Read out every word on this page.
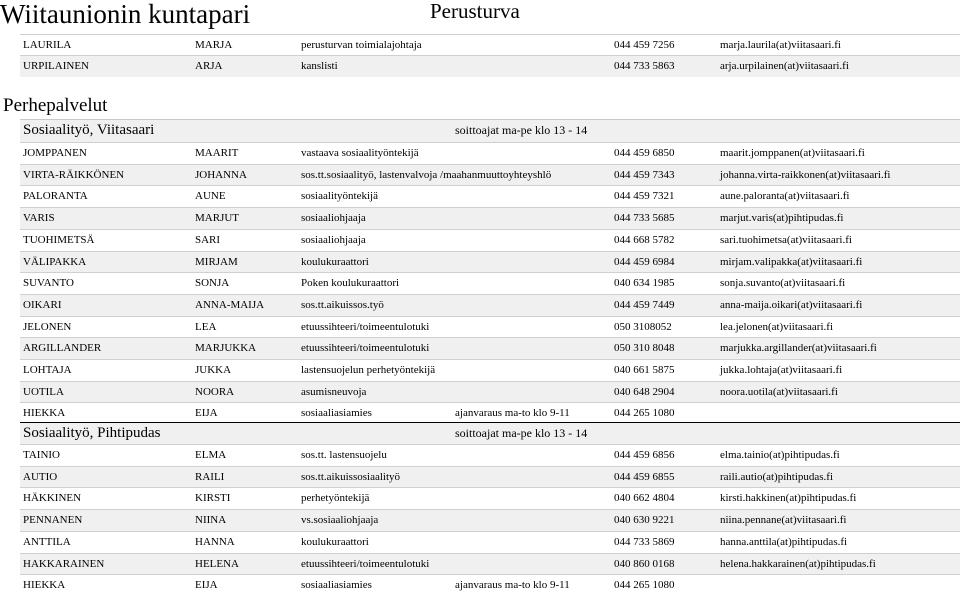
Wiitaunionin kuntapari	Perusturva
LAURILA	MARJA	perusturvan toimialajohtaja	044 459 7256	marja.laurila(at)viitasaari.fi
URPILAINEN	ARJA	kanslisti	044 733 5863	arja.urpilainen(at)viitasaari.fi
Perhepalvelut
Sosiaalityö, Viitasaari	soittoajat ma-pe klo 13 - 14
JOMPPANEN	MAARIT	vastaava sosiaalityöntekijä	044 459 6850	maarit.jomppanen(at)viitasaari.fi
VIRTA-RÄIKKÖNEN	JOHANNA	sos.tt.sosiaalityö, lastenvalvoja /maahanmuuttoyhteyshlö	044 459 7343	johanna.virta-raikkonen(at)viitasaari.fi
PALORANTA	AUNE	sosiaalityöntekijä	044 459 7321	aune.paloranta(at)viitasaari.fi
VARIS	MARJUT	sosiaaliohjaaja	044 733 5685	marjut.varis(at)pihtipudas.fi
TUOHIMETSÄ	SARI	sosiaaliohjaaja	044 668 5782	sari.tuohimetsa(at)viitasaari.fi
VÄLIPAKKA	MIRJAM	koulukuraattori	044 459 6984	mirjam.valipakka(at)viitasaari.fi
SUVANTO	SONJA	Poken koulukuraattori	040 634 1985	sonja.suvanto(at)viitasaari.fi
OIKARI	ANNA-MAIJA	sos.tt.aikuissos.työ	044 459 7449	anna-maija.oikari(at)viitasaari.fi
JELONEN	LEA	etuussihteeri/toimeentulotuki	050 3108052	lea.jelonen(at)viitasaari.fi
ARGILLANDER	MARJUKKA	etuussihteeri/toimeentulotuki	050 310 8048	marjukka.argillander(at)viitasaari.fi
LOHTAJA	JUKKA	lastensuojelun perhetyöntekijä	040 661 5875	jukka.lohtaja(at)viitasaari.fi
UOTILA	NOORA	asumisneuvoja	040 648 2904	noora.uotila(at)viitasaari.fi
HIEKKA	EIJA	sosiaaliasiamies	ajanvaraus ma-to klo 9-11	044 265 1080
Sosiaalityö, Pihtipudas	soittoajat ma-pe klo 13 - 14
TAINIO	ELMA	sos.tt. lastensuojelu	044 459 6856	elma.tainio(at)pihtipudas.fi
AUTIO	RAILI	sos.tt.aikuissosiaalityö	044 459 6855	raili.autio(at)pihtipudas.fi
HÄKKINEN	KIRSTI	perhetyöntekijä	040 662 4804	kirsti.hakkinen(at)pihtipudas.fi
PENNANEN	NIINA	vs.sosiaaliohjaaja	040 630 9221	niina.pennane(at)viitasaari.fi
ANTTILA	HANNA	koulukuraattori	044 733 5869	hanna.anttila(at)pihtipudas.fi
HAKKARAINEN	HELENA	etuussihteeri/toimeentulotuki	040 860 0168	helena.hakkarainen(at)pihtipudas.fi
HIEKKA	EIJA	sosiaaliasiamies	ajanvaraus ma-to klo 9-11	044 265 1080
